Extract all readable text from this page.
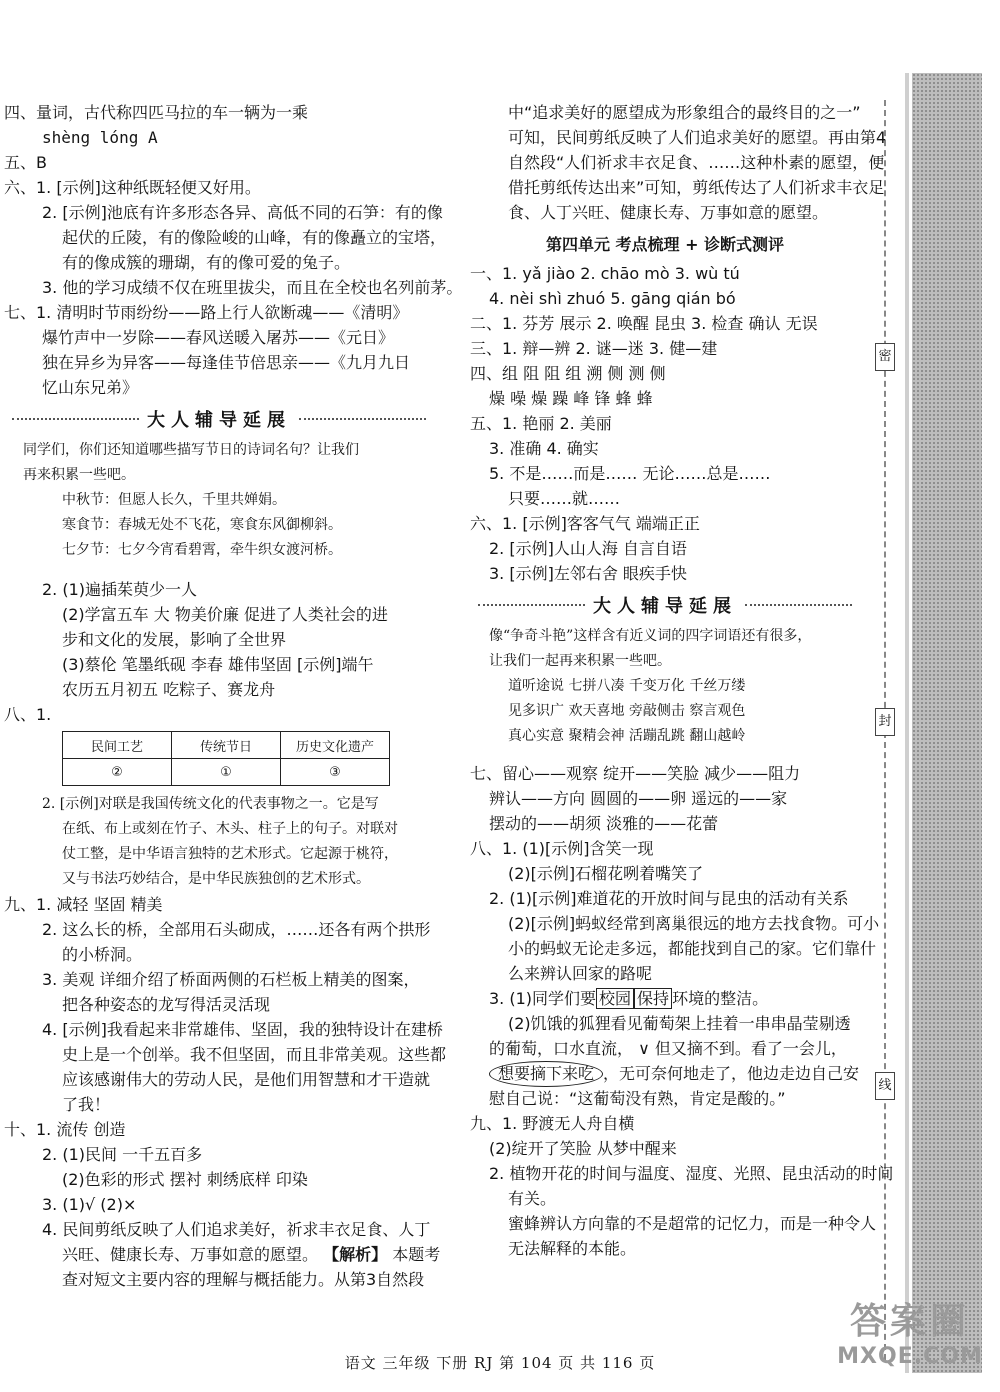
密
封
线
四、量词，古代称四匹马拉的车一辆为一乘
shèng lóng A
五、B
六、1. [示例]这种纸既轻便又好用。
2. [示例]池底有许多形态各异、高低不同的石笋：有的像
起伏的丘陵，有的像险峻的山峰，有的像矗立的宝塔，
有的像成簇的珊瑚，有的像可爱的兔子。
3. 他的学习成绩不仅在班里拔尖，而且在全校也名列前茅。
七、1. 清明时节雨纷纷——路上行人欲断魂——《清明》
爆竹声中一岁除——春风送暖入屠苏——《元日》
独在异乡为异客——每逢佳节倍思亲——《九月九日
忆山东兄弟》
大人辅导延展
同学们，你们还知道哪些描写节日的诗词名句？让我们
再来积累一些吧。
中秋节：但愿人长久，千里共婵娟。
寒食节：春城无处不飞花，寒食东风御柳斜。
七夕节：七夕今宵看碧霄，牵牛织女渡河桥。
2. (1)遍插茱萸少一人
(2)学富五车 大 物美价廉 促进了人类社会的进
步和文化的发展，影响了全世界
(3)蔡伦 笔墨纸砚 李春 雄伟坚固 [示例]端午
农历五月初五 吃粽子、赛龙舟
八、1.
民间工艺	传统节日	历史文化遗产
②	①	③
2. [示例]对联是我国传统文化的代表事物之一。它是写
在纸、布上或刻在竹子、木头、柱子上的句子。对联对
仗工整，是中华语言独特的艺术形式。它起源于桃符，
又与书法巧妙结合，是中华民族独创的艺术形式。
九、1. 减轻 坚固 精美
2. 这么长的桥，全部用石头砌成，……还各有两个拱形
的小桥洞。
3. 美观 详细介绍了桥面两侧的石栏板上精美的图案，
把各种姿态的龙写得活灵活现
4. [示例]我看起来非常雄伟、坚固，我的独特设计在建桥
史上是一个创举。我不但坚固，而且非常美观。这些都
应该感谢伟大的劳动人民，是他们用智慧和才干造就
了我！
十、1. 流传 创造
2. (1)民间 一千五百多
(2)色彩的形式 摆衬 刺绣底样 印染
3. (1)√ (2)×
4. 民间剪纸反映了人们追求美好，祈求丰衣足食、人丁
兴旺、健康长寿、万事如意的愿望。 【解析】 本题考
查对短文主要内容的理解与概括能力。从第3自然段
中“追求美好的愿望成为形象组合的最终目的之一”
可知，民间剪纸反映了人们追求美好的愿望。再由第4
自然段“人们祈求丰衣足食、……这种朴素的愿望，便
借托剪纸传达出来”可知，剪纸传达了人们祈求丰衣足
食、人丁兴旺、健康长寿、万事如意的愿望。
第四单元 考点梳理 + 诊断式测评
一、1. yǎ jiào 2. chāo mò 3. wù tú
4. nèi shì zhuó 5. gāng qián bó
二、1. 芬芳 展示 2. 唤醒 昆虫 3. 检查 确认 无误
三、1. 辩—辨 2. 谜—迷 3. 健—建
四、组 阻 阻 组 溯 侧 测 侧
燥 噪 燥 躁 峰 锋 蜂 蜂
五、1. 艳丽 2. 美丽
3. 准确 4. 确实
5. 不是……而是…… 无论……总是……
只要……就……
六、1. [示例]客客气气 端端正正
2. [示例]人山人海 自言自语
3. [示例]左邻右舍 眼疾手快
大人辅导延展
像“争奇斗艳”这样含有近义词的四字词语还有很多，
让我们一起再来积累一些吧。
道听途说 七拼八凑 千变万化 千丝万缕
见多识广 欢天喜地 旁敲侧击 察言观色
真心实意 聚精会神 活蹦乱跳 翻山越岭
七、留心——观察 绽开——笑脸 减少——阻力
辨认——方向 圆圆的——卵 遥远的——家
摆动的——胡须 淡雅的——花蕾
八、1. (1)[示例]含笑一现
(2)[示例]石榴花咧着嘴笑了
2. (1)[示例]难道花的开放时间与昆虫的活动有关系
(2)[示例]蚂蚁经常到离巢很远的地方去找食物。可小
小的蚂蚁无论走多远，都能找到自己的家。它们靠什
么来辨认回家的路呢
3. (1)同学们要 校园 保持 环境的整洁。
(2)饥饿的狐狸看见葡萄架上挂着一串串晶莹剔透
的葡萄，口水直流， ∨ 但又摘不到。看了一会儿，
想要摘下来吃 ，无可奈何地走了，他边走边自己安
慰自己说：“这葡萄没有熟，肯定是酸的。”
九、1. 野渡无人舟自横
(2)绽开了笑脸 从梦中醒来
2. 植物开花的时间与温度、湿度、光照、昆虫活动的时间
有关。
蜜蜂辨认方向靠的不是超常的记忆力，而是一种令人
无法解释的本能。
语文 三年级 下册 RJ 第 104 页 共 116 页
答案圈
MXQE.COM
